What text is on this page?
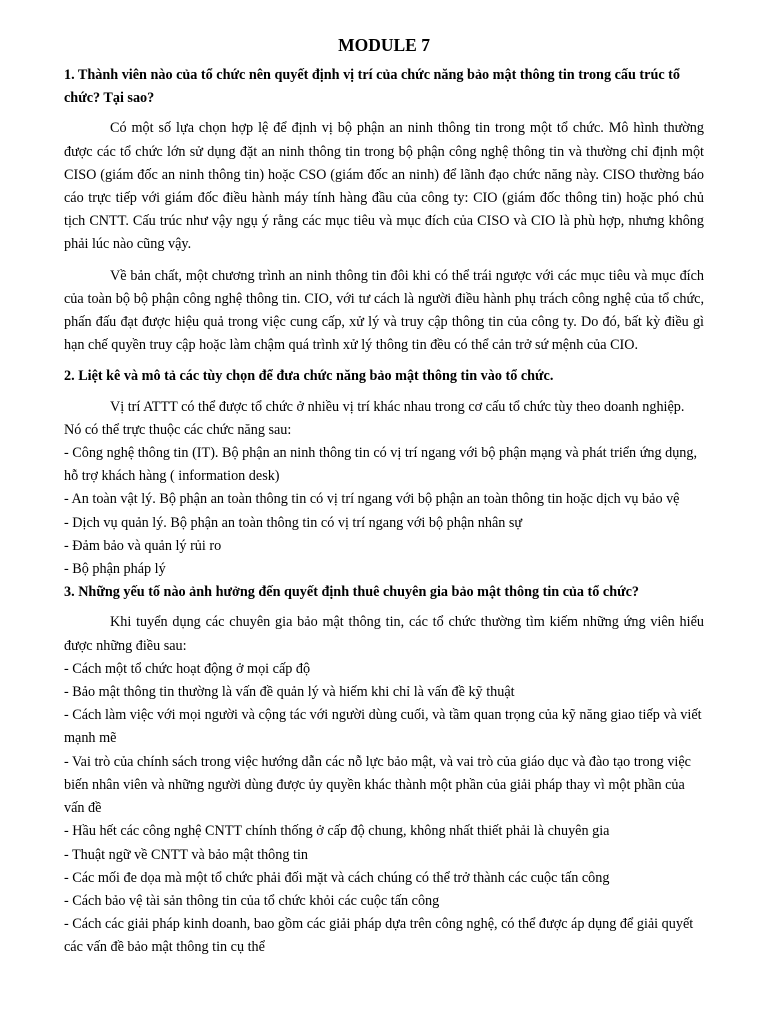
MODULE 7

1. Thành viên nào của tổ chức nên quyết định vị trí của chức năng bảo mật thông tin trong cấu trúc tổ chức? Tại sao?

Có một số lựa chọn hợp lệ để định vị bộ phận an ninh thông tin trong một tổ chức. Mô hình thường được các tổ chức lớn sử dụng đặt an ninh thông tin trong bộ phận công nghệ thông tin và thường chỉ định một CISO (giám đốc an ninh thông tin) hoặc CSO (giám đốc an ninh) để lãnh đạo chức năng này. CISO thường báo cáo trực tiếp với giám đốc điều hành máy tính hàng đầu của công ty: CIO (giám đốc thông tin) hoặc phó chủ tịch CNTT. Cấu trúc như vậy ngụ ý rằng các mục tiêu và mục đích của CISO và CIO là phù hợp, nhưng không phải lúc nào cũng vậy.

Về bản chất, một chương trình an ninh thông tin đôi khi có thể trái ngược với các mục tiêu và mục đích của toàn bộ bộ phận công nghệ thông tin. CIO, với tư cách là người điều hành phụ trách công nghệ của tổ chức, phấn đấu đạt được hiệu quả trong việc cung cấp, xử lý và truy cập thông tin của công ty. Do đó, bất kỳ điều gì hạn chế quyền truy cập hoặc làm chậm quá trình xử lý thông tin đều có thể cản trở sứ mệnh của CIO.

2. Liệt kê và mô tả các tùy chọn để đưa chức năng bảo mật thông tin vào tổ chức.

Vị trí ATTT có thể được tổ chức ở nhiều vị trí khác nhau trong cơ cấu tổ chức tùy theo doanh nghiệp.

Nó có thể trực thuộc các chức năng sau:

- Công nghệ thông tin (IT). Bộ phận an ninh thông tin có vị trí ngang với bộ phận mạng và phát triển ứng dụng, hỗ trợ khách hàng ( information desk)
- An toàn vật lý. Bộ phận an toàn thông tin có vị trí ngang với bộ phận an toàn thông tin hoặc dịch vụ bảo vệ
- Dịch vụ quản lý. Bộ phận an toàn thông tin có vị trí ngang với bộ phận nhân sự
- Đảm bảo và quản lý rủi ro
- Bộ phận pháp lý

3. Những yếu tố nào ảnh hưởng đến quyết định thuê chuyên gia bảo mật thông tin của tổ chức?

Khi tuyển dụng các chuyên gia bảo mật thông tin, các tổ chức thường tìm kiếm những ứng viên hiểu được những điều sau:

- Cách một tổ chức hoạt động ở mọi cấp độ
- Bảo mật thông tin thường là vấn đề quản lý và hiếm khi chỉ là vấn đề kỹ thuật
- Cách làm việc với mọi người và cộng tác với người dùng cuối, và tầm quan trọng của kỹ năng giao tiếp và viết mạnh mẽ
- Vai trò của chính sách trong việc hướng dẫn các nỗ lực bảo mật, và vai trò của giáo dục và đào tạo trong việc biến nhân viên và những người dùng được ủy quyền khác thành một phần của giải pháp thay vì một phần của vấn đề
- Hầu hết các công nghệ CNTT chính thống ở cấp độ chung, không nhất thiết phải là chuyên gia
- Thuật ngữ về CNTT và bảo mật thông tin
- Các mối đe dọa mà một tổ chức phải đối mặt và cách chúng có thể trở thành các cuộc tấn công
- Cách bảo vệ tài sản thông tin của tổ chức khỏi các cuộc tấn công
- Cách các giải pháp kinh doanh, bao gồm các giải pháp dựa trên công nghệ, có thể được áp dụng để giải quyết các vấn đề bảo mật thông tin cụ thể
